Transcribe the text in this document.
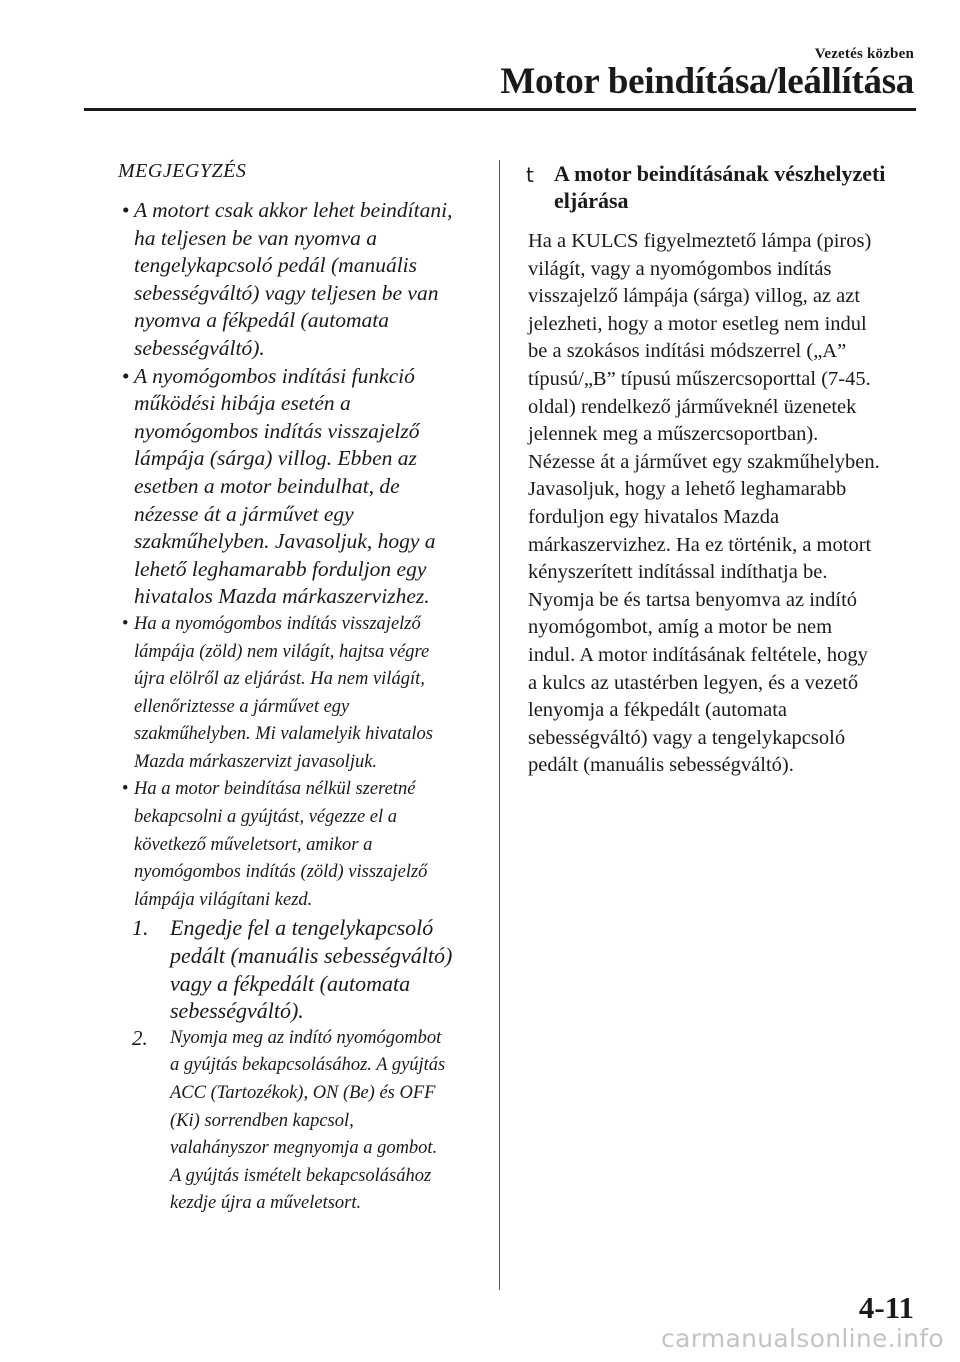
Vezetés közben
Motor beindítása/leállítása
MEGJEGYZÉS
• A motort csak akkor lehet beindítani,
ha teljesen be van nyomva a
tengelykapcsoló pedál (manuális
sebességváltó) vagy teljesen be van
nyomva a fékpedál (automata
sebességváltó).
• A nyomógombos indítási funkció
működési hibája esetén a
nyomógombos indítás visszajelző
lámpája (sárga) villog. Ebben az
esetben a motor beindulhat, de
nézesse át a járművet egy
szakműhelyben. Javasoljuk, hogy a
lehető leghamarabb forduljon egy
hivatalos Mazda márkaszervizhez.
• Ha a nyomógombos indítás visszajelző
lámpája (zöld) nem világít, hajtsa végre
újra elölről az eljárást. Ha nem világít,
ellenőriztesse a járművet egy
szakműhelyben. Mi valamelyik hivatalos
Mazda márkaszervizt javasoljuk.
• Ha a motor beindítása nélkül szeretné
bekapcsolni a gyújtást, végezze el a
következő műveletsort, amikor a
nyomógombos indítás (zöld) visszajelző
lámpája világítani kezd.
1. Engedje fel a tengelykapcsoló
pedált (manuális sebességváltó)
vagy a fékpedált (automata
sebességváltó).
2. Nyomja meg az indító nyomógombot
a gyújtás bekapcsolásához. A gyújtás
ACC (Tartozékok), ON (Be) és OFF
(Ki) sorrendben kapcsol,
valahányszor megnyomja a gombot.
A gyújtás ismételt bekapcsolásához
kezdje újra a műveletsort.
t A motor beindításának vészhelyzeti
eljárása
Ha a KULCS figyelmeztető lámpa (piros)
világít, vagy a nyomógombos indítás
visszajelző lámpája (sárga) villog, az azt
jelezheti, hogy a motor esetleg nem indul
be a szokásos indítási módszerrel („A”
típusú/„B” típusú műszercsoporttal (7-45.
oldal) rendelkező járműveknél üzenetek
jelennek meg a műszercsoportban).
Nézesse át a járművet egy szakműhelyben.
Javasoljuk, hogy a lehető leghamarabb
forduljon egy hivatalos Mazda
márkaszervizhez. Ha ez történik, a motort
kényszerített indítással indíthatja be.
Nyomja be és tartsa benyomva az indító
nyomógombot, amíg a motor be nem
indul. A motor indításának feltétele, hogy
a kulcs az utastérben legyen, és a vezető
lenyomja a fékpedált (automata
sebességváltó) vagy a tengelykapcsoló
pedált (manuális sebességváltó).
4-11
carmanualsonline.info
